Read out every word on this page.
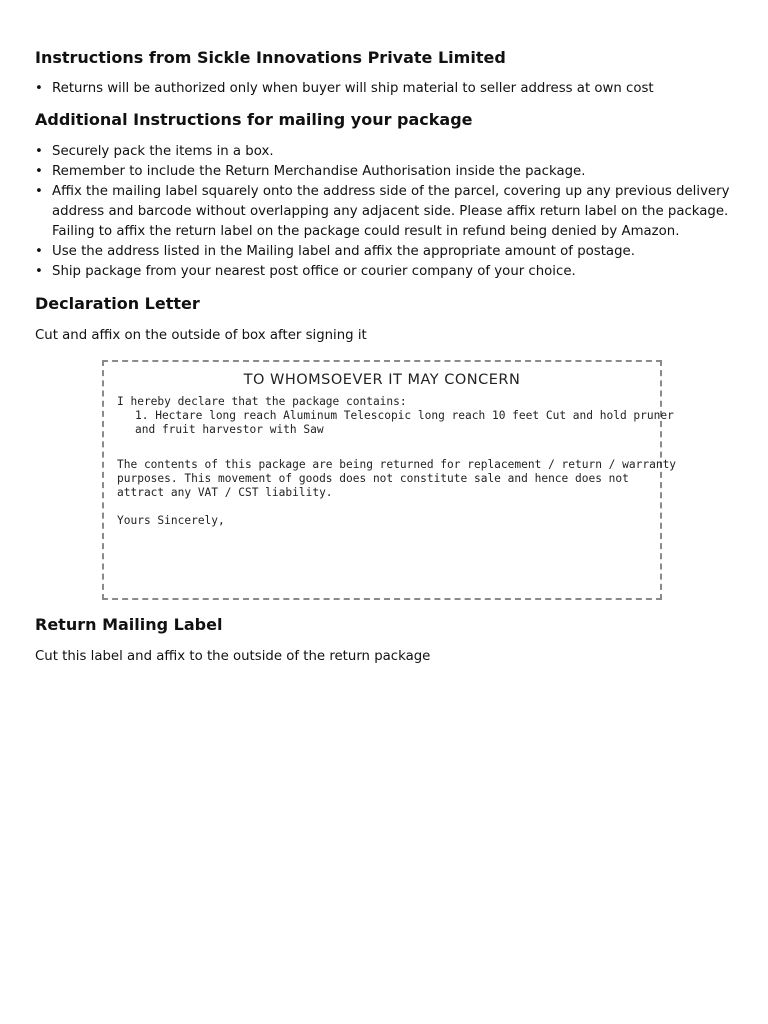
Instructions from Sickle Innovations Private Limited
• Returns will be authorized only when buyer will ship material to seller address at own cost
Additional Instructions for mailing your package
• Securely pack the items in a box.
• Remember to include the Return Merchandise Authorisation inside the package.
• Affix the mailing label squarely onto the address side of the parcel, covering up any previous delivery address and barcode without overlapping any adjacent side. Please affix return label on the package. Failing to affix the return label on the package could result in refund being denied by Amazon.
• Use the address listed in the Mailing label and affix the appropriate amount of postage.
• Ship package from your nearest post office or courier company of your choice.
Declaration Letter

Cut and affix on the outside of box after signing it

TO WHOMSOEVER IT MAY CONCERN

I hereby declare that the package contains:

1. Hectare long reach Aluminum Telescopic long reach 10 feet Cut and hold pruner

and fruit harvestor with Saw

The contents of this package are being returned for replacement / return / warranty

purposes. This movement of goods does not constitute sale and hence does not

attract any VAT / CST liability.

Yours Sincerely,

Return Mailing Label

Cut this label and affix to the outside of the return package
